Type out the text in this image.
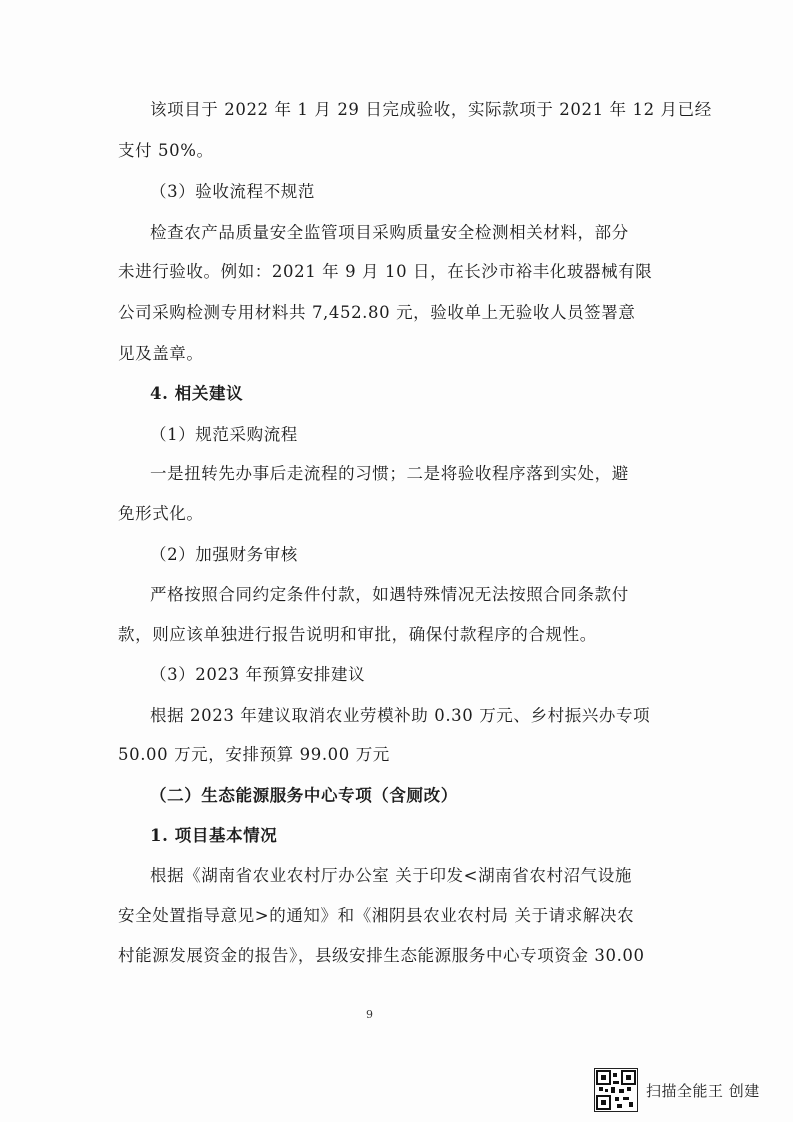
该项目于 2022 年 1 月 29 日完成验收，实际款项于 2021 年 12 月已经
支付 50%。
（3）验收流程不规范
检查农产品质量安全监管项目采购质量安全检测相关材料，部分
未进行验收。例如：2021 年 9 月 10 日，在长沙市裕丰化玻器械有限
公司采购检测专用材料共 7,452.80 元，验收单上无验收人员签署意
见及盖章。
4. 相关建议
（1）规范采购流程
一是扭转先办事后走流程的习惯；二是将验收程序落到实处，避
免形式化。
（2）加强财务审核
严格按照合同约定条件付款，如遇特殊情况无法按照合同条款付
款，则应该单独进行报告说明和审批，确保付款程序的合规性。
（3）2023 年预算安排建议
根据 2023 年建议取消农业劳模补助 0.30 万元、乡村振兴办专项
50.00 万元，安排预算 99.00 万元
（二）生态能源服务中心专项（含厕改）
1. 项目基本情况
根据《湖南省农业农村厅办公室 关于印发<湖南省农村沼气设施
安全处置指导意见>的通知》和《湘阴县农业农村局 关于请求解决农
村能源发展资金的报告》，县级安排生态能源服务中心专项资金 30.00
9
扫描全能王 创建
